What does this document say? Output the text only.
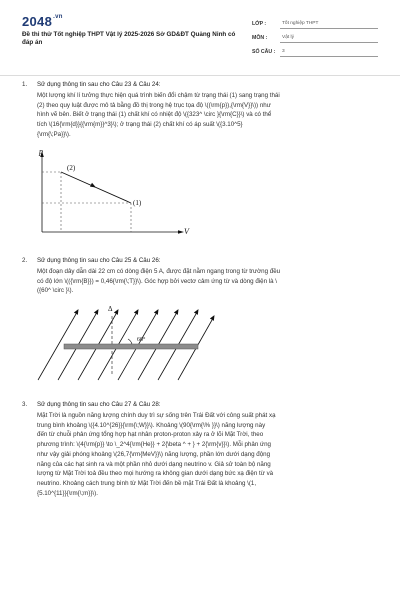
$2048^{.vn}$
Đề thi thử Tốt nghiệp THPT Vật lý 2025-2026 Sở GD&ĐT Quảng Ninh có đáp án
LỚP :	Tốt nghiệp THPT
MÔN :	Vật lý
SỐ CÂU :	3
1. Sử dụng thông tin sau cho Câu 23 & Câu 24:
Một lượng khí lí tưởng thực hiện quá trình biến đổi chậm từ trạng thái (1) sang trạng thái
(2) theo quy luật được mô tả bằng đồ thị trong hệ trục tọa độ \((\rm{p}),{\rm{V}}\)) như
hình vẽ bên. Biết ở trạng thái (1) chất khí có nhiệt độ \({323^ \circ }{\rm{C}}\) và có thể
tích \(16{\rm{d}}{{\rm{m}}^3}\); ở trạng thái (2) chất khí có áp suất \({3.10^5}
{\rm{\;Pa}}\).
p
V
(2)
(1)
2. Sử dụng thông tin sau cho Câu 25 & Câu 26:
Một đoạn dây dẫn dài 22 cm có dòng điện 5 A, được đặt nằm ngang trong từ trường đều
có độ lớn \(({\rm{B}}) = 0,46{\rm{\;T}}\). Góc hợp bởi vectơ cảm ứng từ và dòng điện là \
({60^ \circ }\).
Δ
60°
3. Sử dụng thông tin sau cho Câu 27 & Câu 28:
Mặt Trời là nguồn năng lượng chính duy trì sự sống trên Trái Đất với công suất phát xạ
trung bình khoảng \({4.10^{26}}{\rm{\;W}}\). Khoảng \(90{\rm{\% }}\) năng lượng này
đến từ chuỗi phản ứng tổng hợp hạt nhân proton-proton xảy ra ở lõi Mặt Trời, theo
phương trình: \(4{\rm{p}} \to \_2^4{\rm{He}} + 2{\beta ^ + } + 2{\rm{v}}\). Mỗi phản ứng
như vậy giải phóng khoảng \(26,7{\rm{MeV}}\) năng lượng, phần lớn dưới dạng động
năng của các hạt sinh ra và một phần nhỏ dưới dạng neutrino v. Giả sử toàn bộ năng
lượng từ Mặt Trời toả đều theo mọi hướng ra không gian dưới dạng bức xạ điện từ và
neutrino. Khoảng cách trung bình từ Mặt Trời đến bề mặt Trái Đất là khoảng \(1,
{5.10^{11}}{\rm{\;m}}\).
